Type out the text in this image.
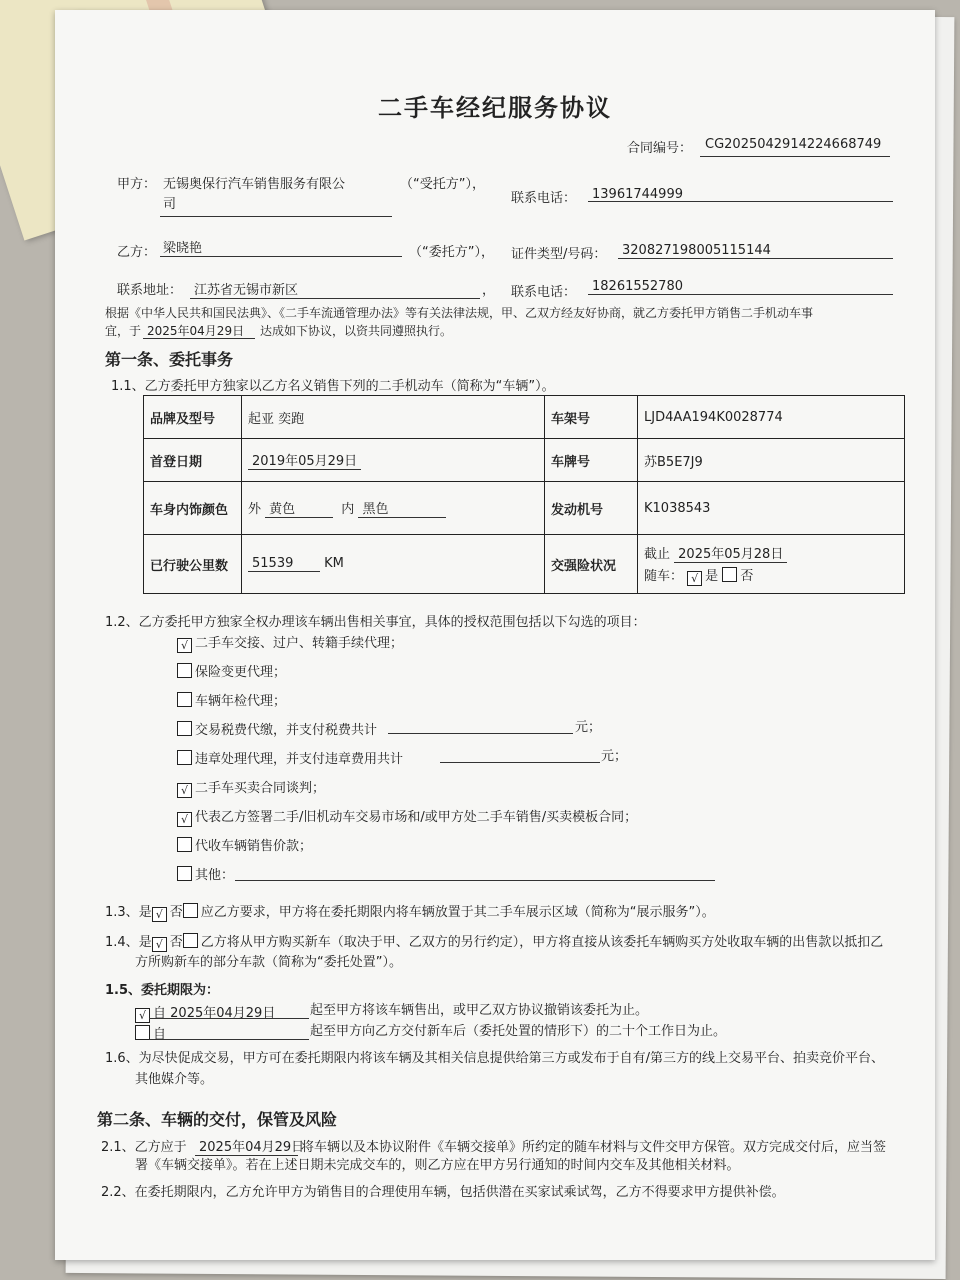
二手车经纪服务协议
合同编号： CG2025042914224668749
甲方： 无锡奥保行汽车销售服务有限公
司
（“受托方”），
联系电话： 13961744999
乙方： 梁晓艳	（“委托方”）， 证件类型/号码： 320827198005115144
联系地址： 江苏省无锡市新区	， 联系电话： 18261552780
根据《中华人民共和国民法典》、《二手车流通管理办法》等有关法律法规，甲、乙双方经友好协商，就乙方委托甲方销售二手机动车事
宜，于 2025年04月29日 达成如下协议，以资共同遵照执行。
第一条、委托事务
1.1、乙方委托甲方独家以乙方名义销售下列的二手机动车（简称为“车辆”）。
品牌及型号	起亚 奕跑	车架号	LJD4AA194K0028774
首登日期	2019年05月29日	车牌号	苏B5E7J9
车身内饰颜色	外 黄色 内 黑色	发动机号	K1038543
已行驶公里数	51539 KM	交强险状况	截止 2025年05月28日
随车： √ 是 否
1.2、乙方委托甲方独家全权办理该车辆出售相关事宜，具体的授权范围包括以下勾选的项目：
√ 二手车交接、过户、转籍手续代理；
保险变更代理；
车辆年检代理；
交易税费代缴，并支付税费共计	元；
违章处理代理，并支付违章费用共计	元；
√ 二手车买卖合同谈判；
√ 代表乙方签署二手/旧机动车交易市场和/或甲方处二手车销售/买卖模板合同；
代收车辆销售价款；
其他：
1.3、是 √ 否 应乙方要求，甲方将在委托期限内将车辆放置于其二手车展示区域（简称为“展示服务”）。
1.4、是 √ 否 乙方将从甲方购买新车（取决于甲、乙双方的另行约定），甲方将直接从该委托车辆购买方处收取车辆的出售款以抵扣乙
方所购新车的部分车款（简称为“委托处置”）。
1.5、委托期限为：
√ 自 2025年04月29日	起至甲方将该车辆售出，或甲乙双方协议撤销该委托为止。
自	起至甲方向乙方交付新车后（委托处置的情形下）的二十个工作日为止。
1.6、为尽快促成交易，甲方可在委托期限内将该车辆及其相关信息提供给第三方或发布于自有/第三方的线上交易平台、拍卖竞价平台、
其他媒介等。
第二条、车辆的交付，保管及风险
2.1、乙方应于 2025年04月29日
将车辆以及本协议附件《车辆交接单》所约定的随车材料与文件交甲方保管。双方完成交付后，应当签
署《车辆交接单》。若在上述日期未完成交车的，则乙方应在甲方另行通知的时间内交车及其他相关材料。
2.2、在委托期限内，乙方允许甲方为销售目的合理使用车辆，包括供潜在买家试乘试驾，乙方不得要求甲方提供补偿。
